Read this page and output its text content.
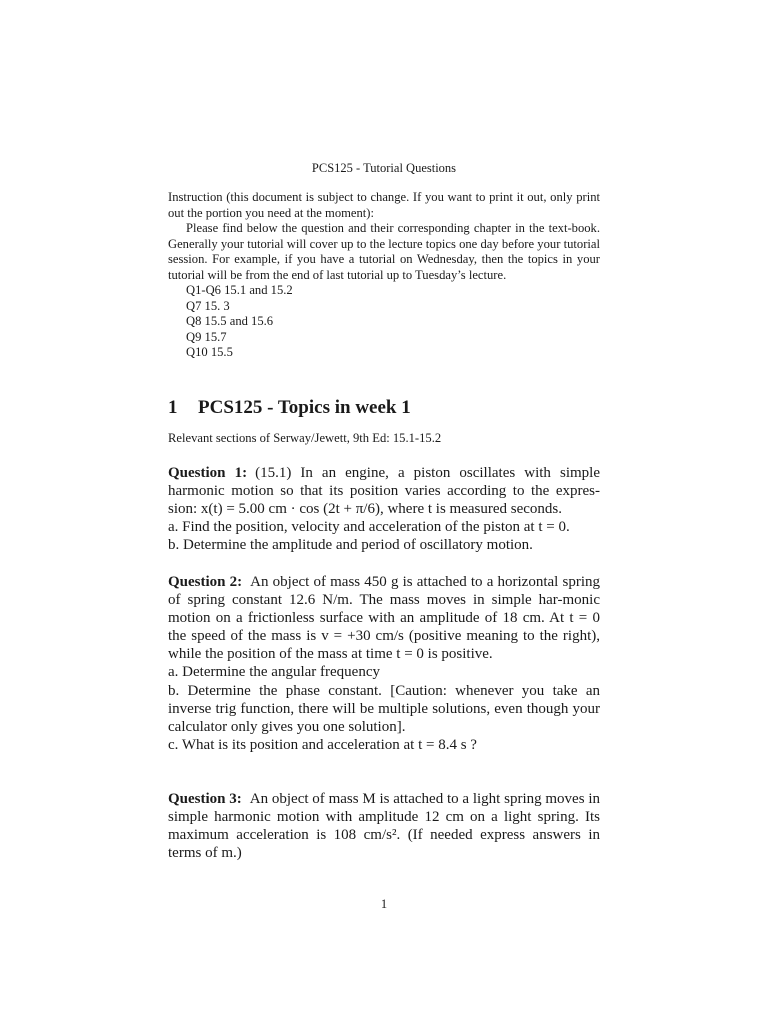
PCS125 - Tutorial Questions

Instruction (this document is subject to change. If you want to print it out, only print out the portion you need at the moment):

Please find below the question and their corresponding chapter in the text-book. Generally your tutorial will cover up to the lecture topics one day before your tutorial session. For example, if you have a tutorial on Wednesday, then the topics in your tutorial will be from the end of last tutorial up to Tuesday’s lecture.

Q1-Q6 15.1 and 15.2
Q7 15. 3
Q8 15.5 and 15.6
Q9 15.7
Q10 15.5
1 PCS125 - Topics in week 1
Relevant sections of Serway/Jewett, 9th Ed: 15.1-15.2

Question 1: (15.1) In an engine, a piston oscillates with simple harmonic motion so that its position varies according to the expres-sion: x(t) = 5.00 cm · cos (2t + π/6), where t is measured seconds.

a. Find the position, velocity and acceleration of the piston at t = 0.

b. Determine the amplitude and period of oscillatory motion.

Question 2: An object of mass 450 g is attached to a horizontal spring of spring constant 12.6 N/m. The mass moves in simple har-monic motion on a frictionless surface with an amplitude of 18 cm. At t = 0 the speed of the mass is v = +30 cm/s (positive meaning to the right), while the position of the mass at time t = 0 is positive.

a. Determine the angular frequency

b. Determine the phase constant. [Caution: whenever you take an inverse trig function, there will be multiple solutions, even though your calculator only gives you one solution].

c. What is its position and acceleration at t = 8.4 s ?

Question 3: An object of mass M is attached to a light spring moves in simple harmonic motion with amplitude 12 cm on a light spring. Its maximum acceleration is 108 cm/s². (If needed express answers in terms of m.)

1
